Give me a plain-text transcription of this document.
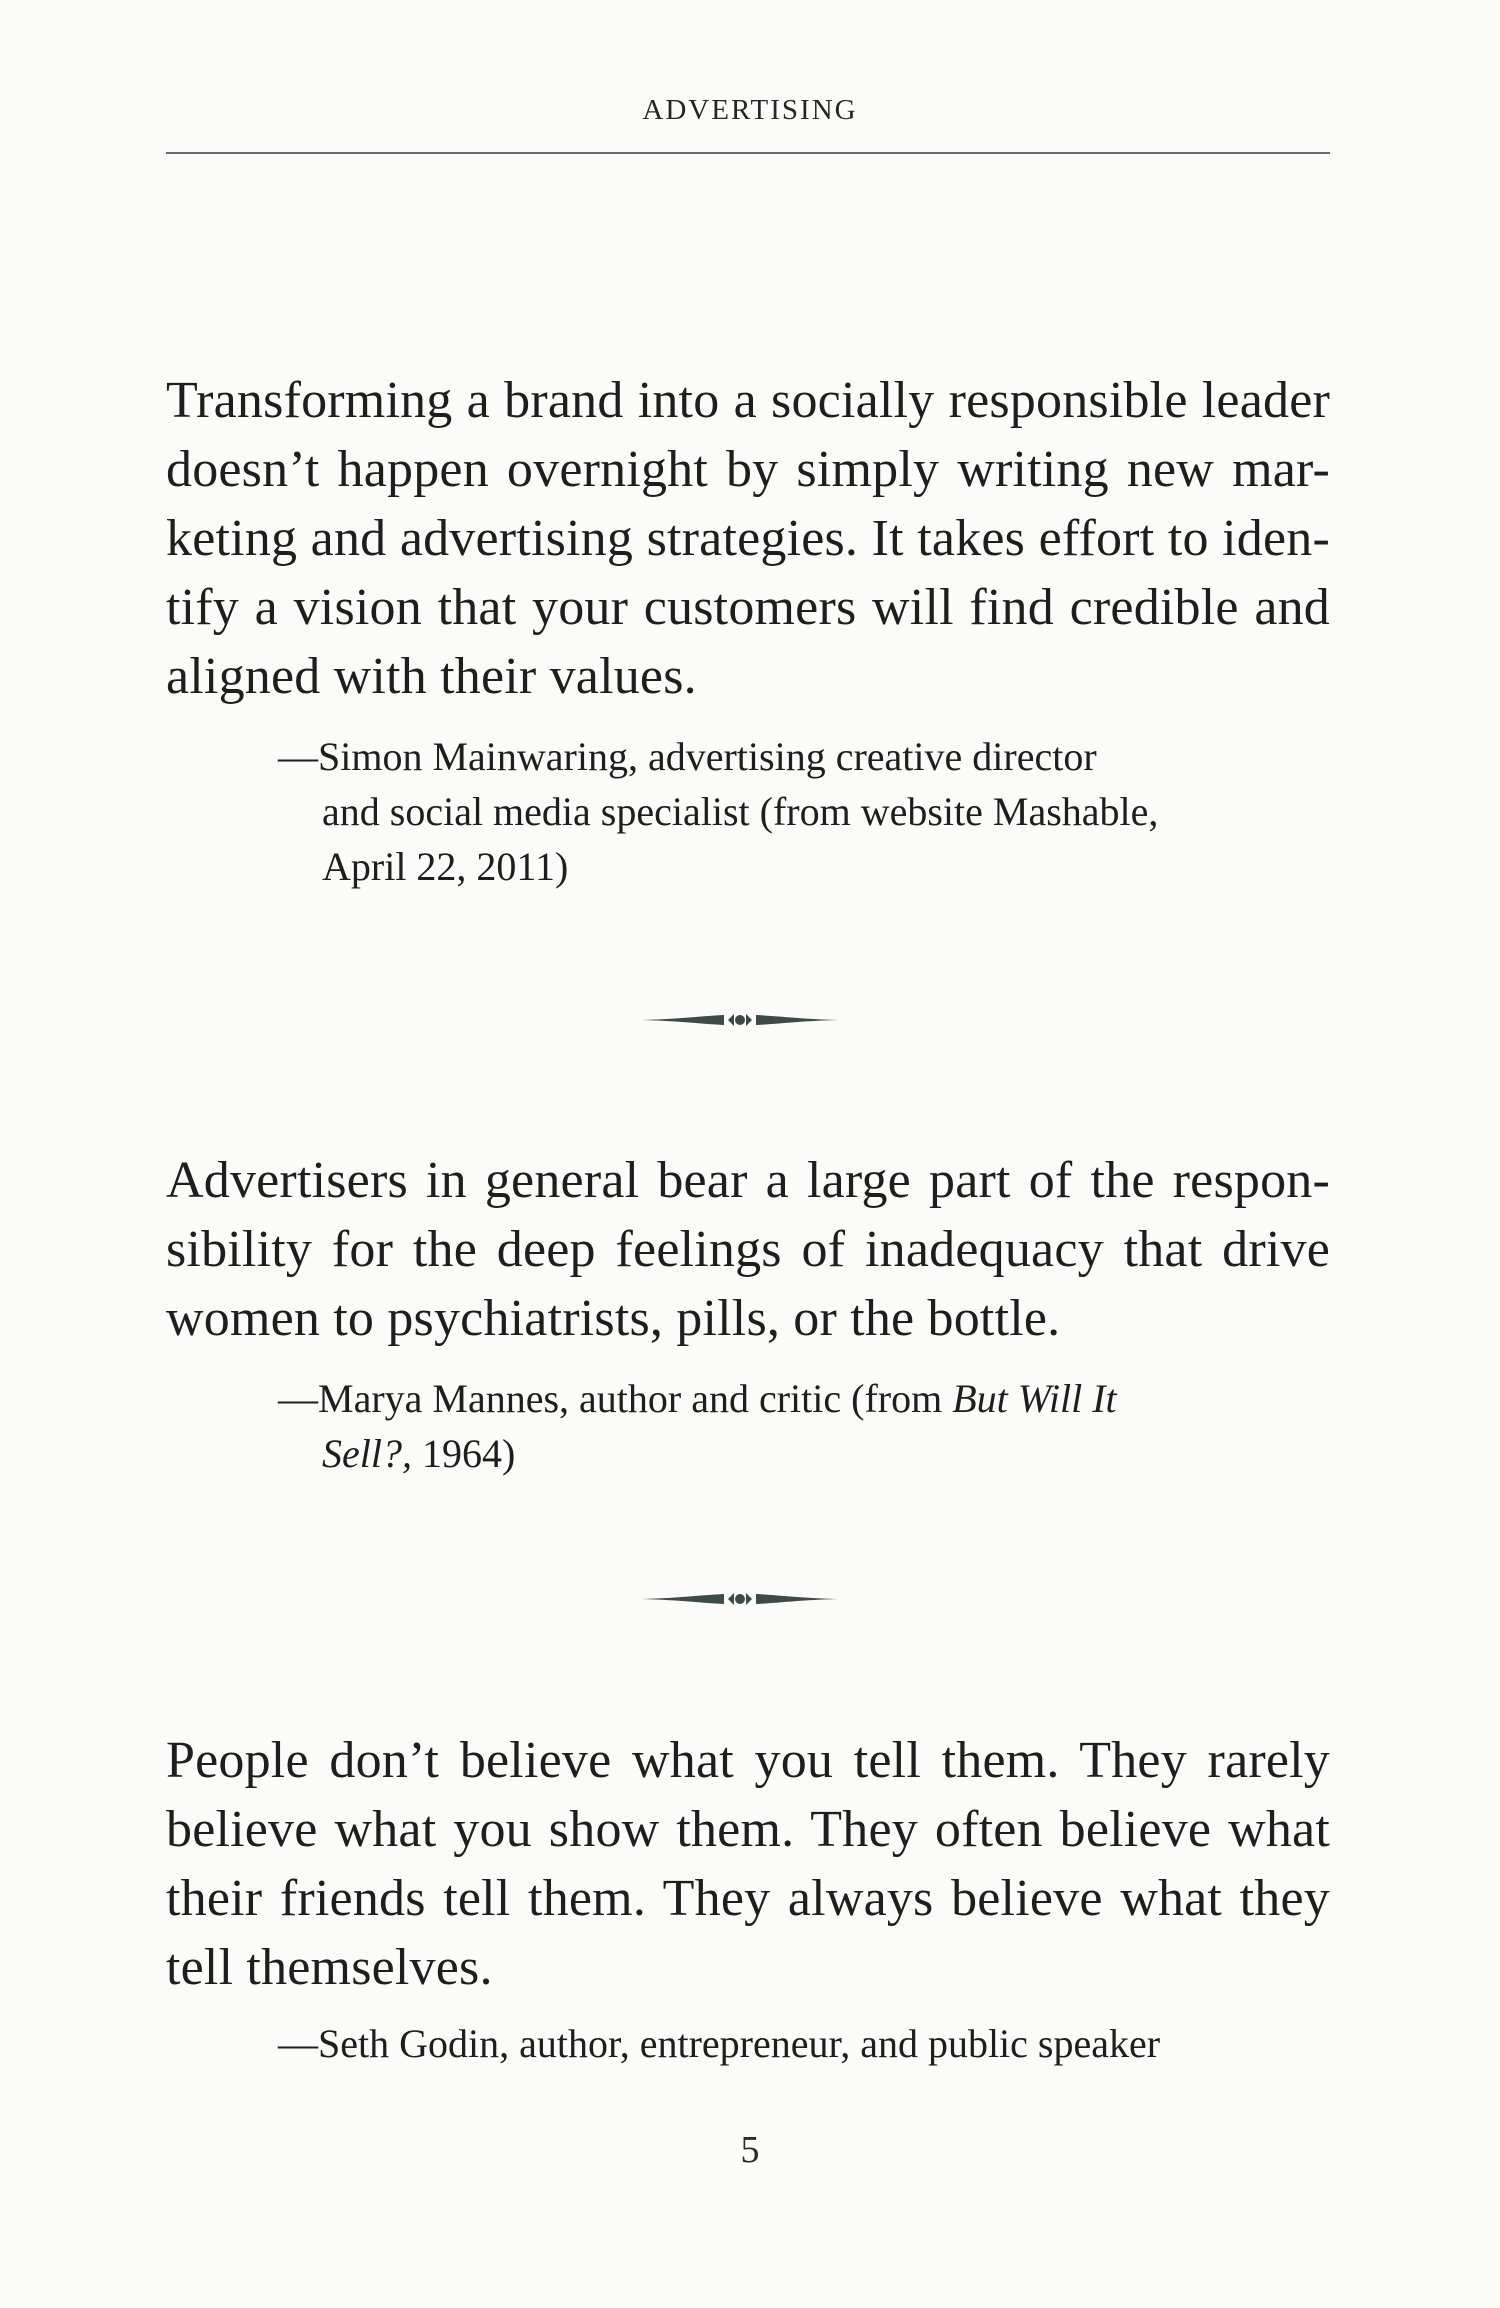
ADVERTISING

Transforming a brand into a socially responsible leader
doesn’t happen overnight by simply writing new mar-
keting and advertising strategies. It takes effort to iden-
tify a vision that your customers will find credible and
aligned with their values.

—Simon Mainwaring, advertising creative director
and social media specialist (from website Mashable,
April 22, 2011)

Advertisers in general bear a large part of the respon-
sibility for the deep feelings of inadequacy that drive
women to psychiatrists, pills, or the bottle.

—Marya Mannes, author and critic (from But Will It
Sell?, 1964)

People don’t believe what you tell them. They rarely
believe what you show them. They often believe what
their friends tell them. They always believe what they
tell themselves.

—Seth Godin, author, entrepreneur, and public speaker
5
